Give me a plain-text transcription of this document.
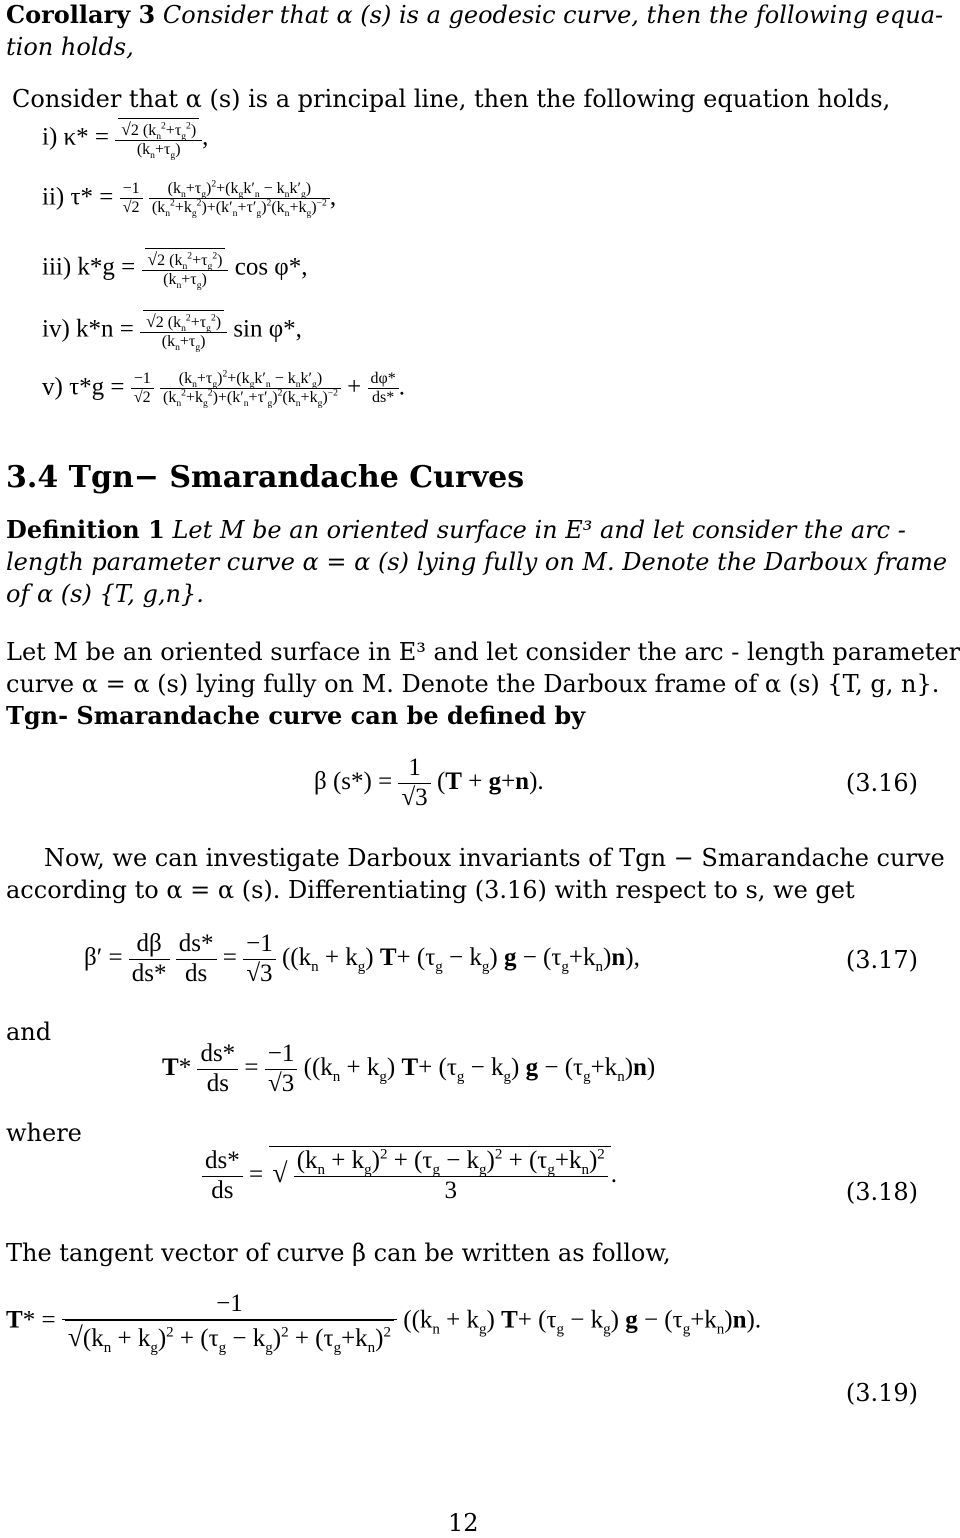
Corollary 3 Consider that α (s) is a geodesic curve, then the following equa-
tion holds,
Consider that α (s) is a principal line, then the following equation holds,
i) $\kappa* = \frac{√2 (k_n^2+\tau_g^2)}{(k_n+\tau_g)}$ ,
ii) $\tau* = \frac{-1}{√2}$
$\frac{(k_n+\tau_g)^2+(k_gk'_n - k_nk'_g)}{(k_n^2+k_g^2)+(k'_n+\tau'_g)^2(k_n+k_g)^{-2}}$ ,
iii) $k*g = \frac{√2 (k_n^2+\tau_g^2)}{(k_n+\tau_g)}$ cos φ*,
iv) $k*n = \frac{√2 (k_n^2+\tau_g^2)}{(k_n+\tau_g)}$ sin φ*,
v) $\tau*g = \frac{-1}{√2}$
$\frac{(k_n+\tau_g)^2+(k_gk'_n - k_nk'_g)}{(k_n^2+k_g^2)+(k'_n+\tau'_g)^2(k_n+k_g)^{-2}} + \frac{d\varphi*}{ds*}$ .
3.4 Tgn− Smarandache Curves
Definition 1 Let M be an oriented surface in E³ and let consider the arc -
length parameter curve α = α (s) lying fully on M. Denote the Darboux frame
of α (s) {T, g,n}.
Let M be an oriented surface in E³ and let consider the arc - length parameter
curve α = α (s) lying fully on M. Denote the Darboux frame of α (s) {T, g, n}.
Tgn- Smarandache curve can be defined by
β $(s*) = \frac{1}{√3} (T + g+n)$.	(3.16)
Now, we can investigate Darboux invariants of Tgn − Smarandache curve
according to α = α (s). Differentiating (3.16) with respect to s, we get
$\beta' = \frac{d\beta}{ds*}$
$\frac{ds*}{ds} = \frac{-1}{√3} ((k_n + k_g)$ $T+ (\tau_g - k_g) g - (\tau_g+k_n)n$),	(3.17)
and
$T* \frac{ds*}{ds} = \frac{-1}{√3} ((k_n + k_g)$ $T+ (\tau_g - k_g) g - (\tau_g+k_n)n$)
where
$\frac{ds*}{ds}$ = √ $\frac{(k_n + k_g)^2 + (\tau_g - k_g)^2 + (\tau_g+k_n)^2}{3}$ .
(3.18)
The tangent vector of curve β can be written as follow,
$T* = \frac{-1}{√(k_n + k_g)^2 + (\tau_g - k_g)^2 + (\tau_g+k_n)^2} ((k_n + k_g)$ $T+ (\tau_g - k_g) g - (\tau_g+k_n)n$).
(3.19)
12
